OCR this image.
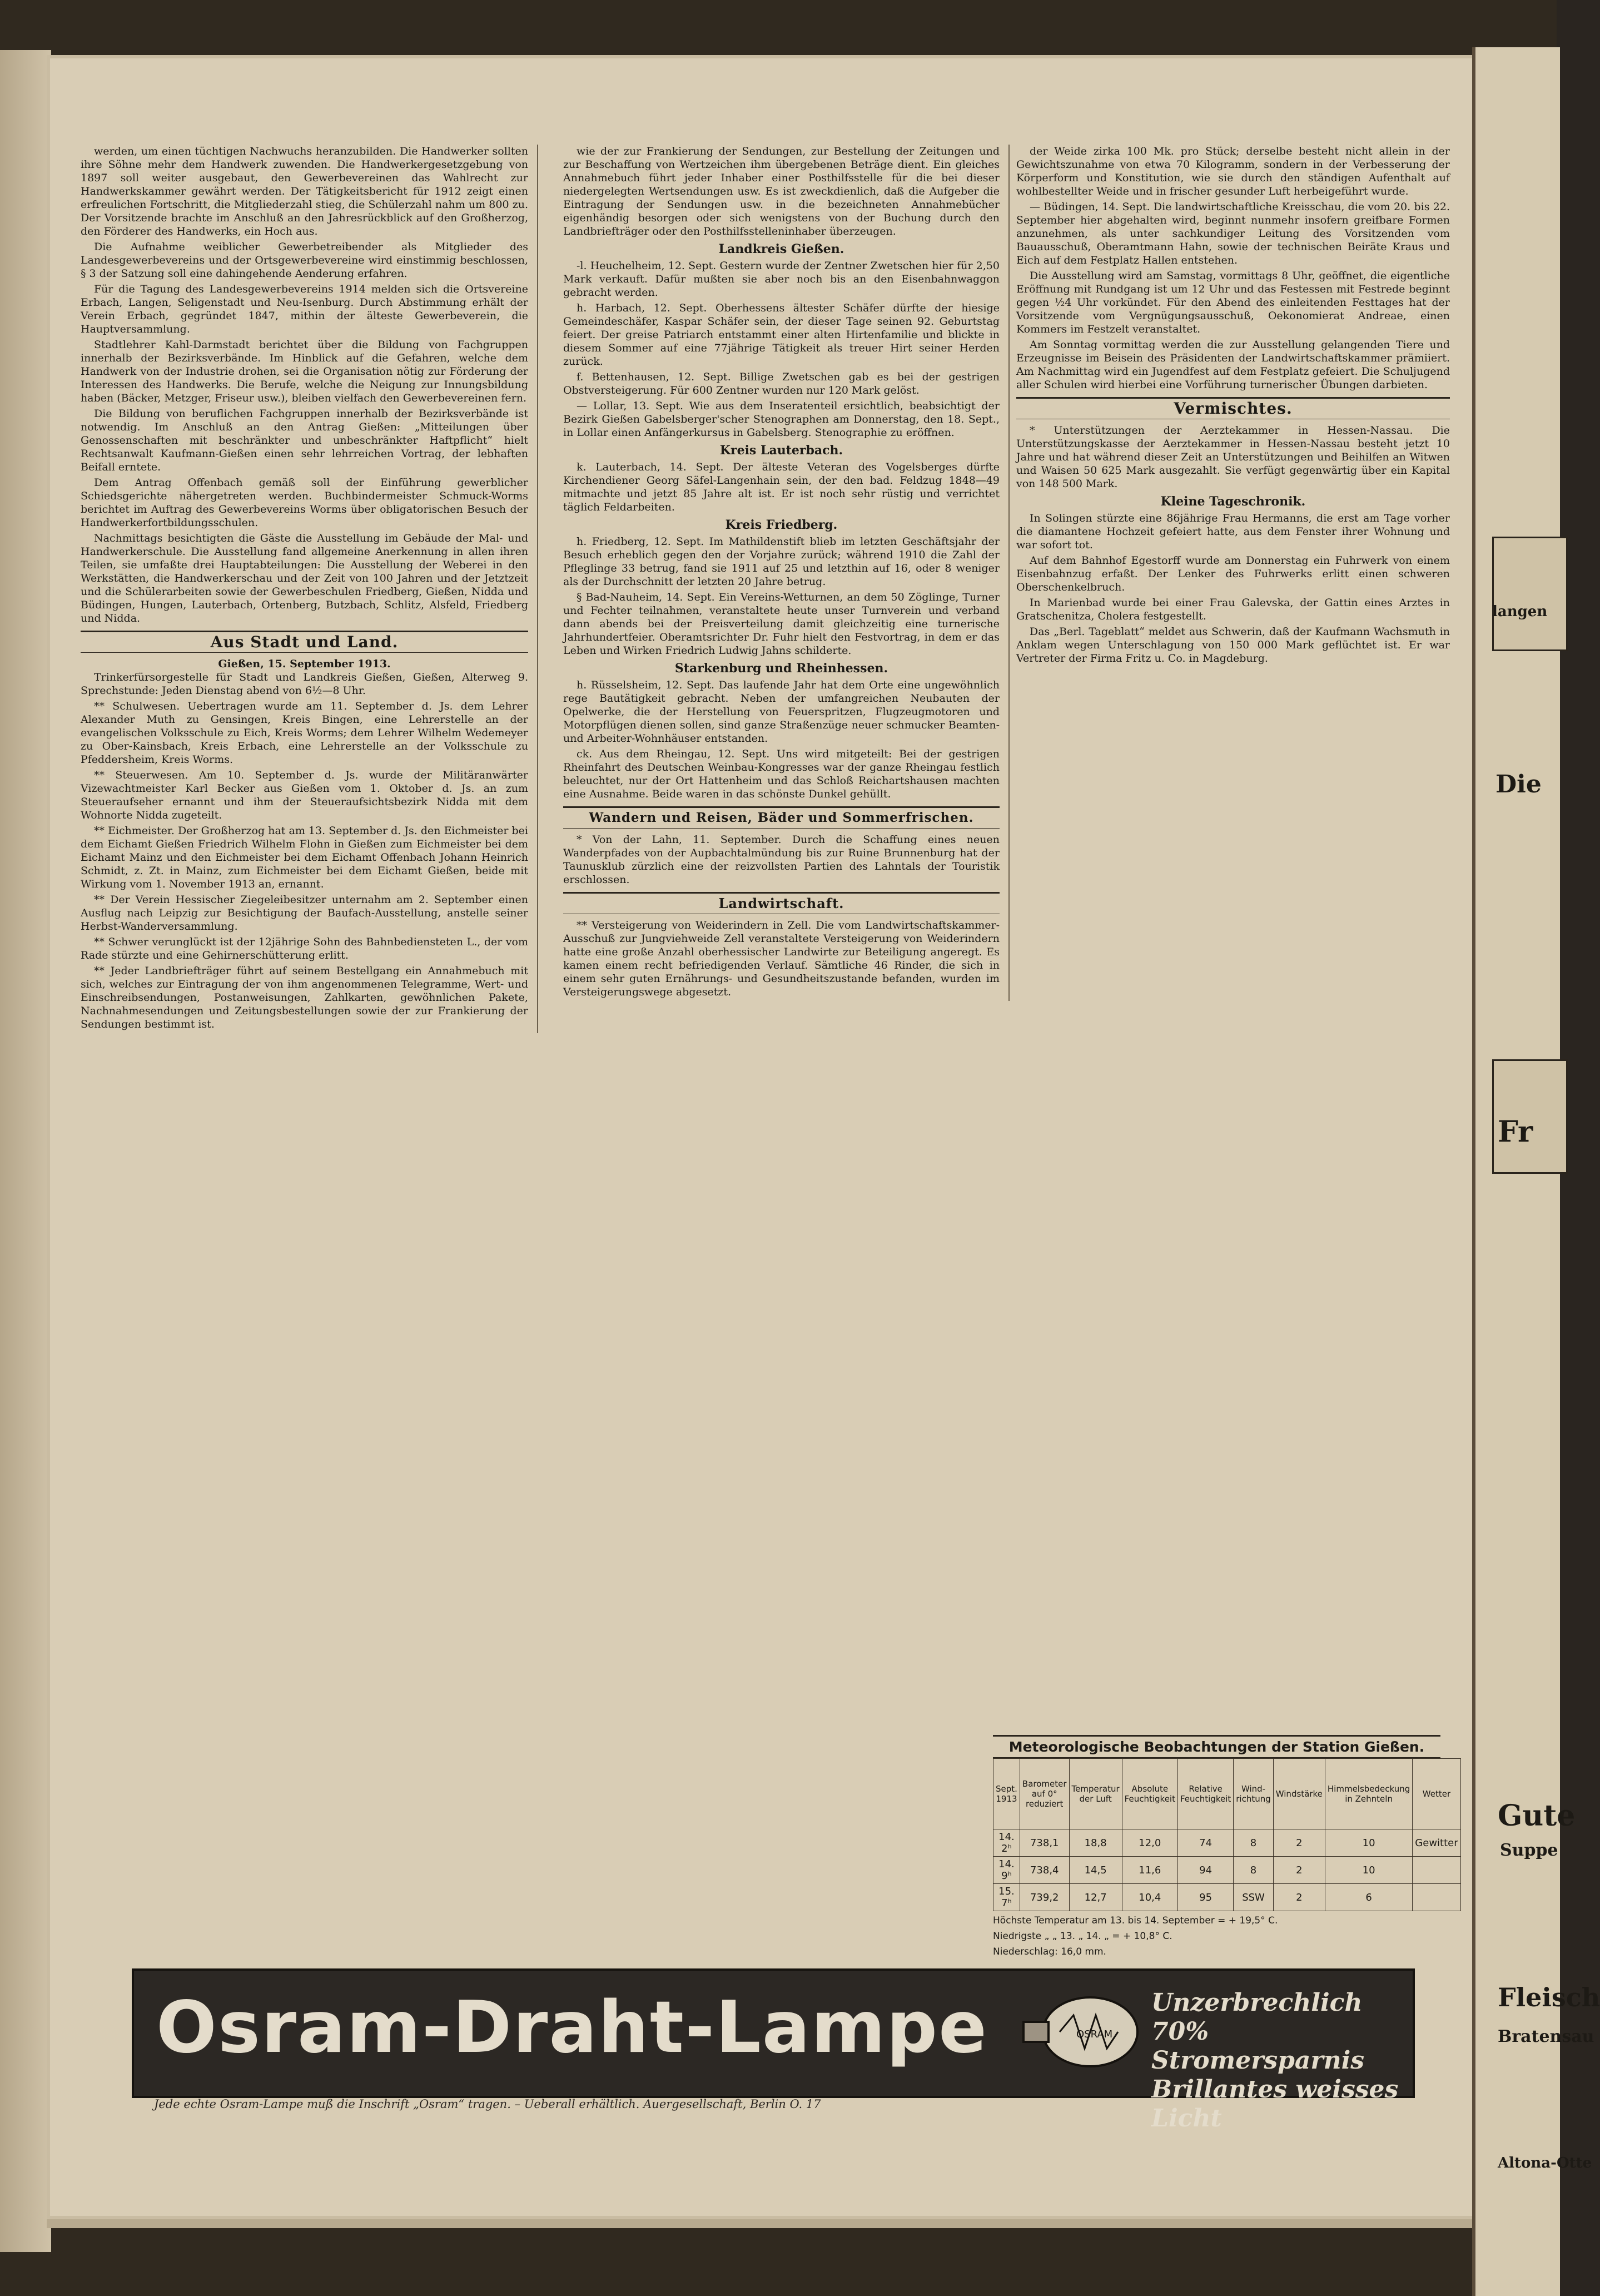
werden, um einen tüchtigen Nachwuchs heranzubilden. Die Handwerker sollten ihre Söhne mehr dem Handwerk zuwenden. Die Handwerkergesetzgebung von 1897 soll weiter ausgebaut, den Gewerbevereinen das Wahlrecht zur Handwerkskammer gewährt werden. Der Tätigkeitsbericht für 1912 zeigt einen erfreulichen Fortschritt, die Mitgliederzahl stieg, die Schülerzahl nahm um 800 zu. Der Vorsitzende brachte im Anschluß an den Jahresrückblick auf den Großherzog, den Förderer des Handwerks, ein Hoch aus.

Die Aufnahme weiblicher Gewerbetreibender als Mitglieder des Landesgewerbevereins und der Ortsgewerbevereine wird einstimmig beschlossen, § 3 der Satzung soll eine dahingehende Aenderung erfahren.

Für die Tagung des Landesgewerbevereins 1914 melden sich die Ortsvereine Erbach, Langen, Seligenstadt und Neu-Isenburg. Durch Abstimmung erhält der Verein Erbach, gegründet 1847, mithin der älteste Gewerbeverein, die Hauptversammlung.

Stadtlehrer Kahl-Darmstadt berichtet über die Bildung von Fachgruppen innerhalb der Bezirksverbände. Im Hinblick auf die Gefahren, welche dem Handwerk von der Industrie drohen, sei die Organisation nötig zur Förderung der Interessen des Handwerks. Die Berufe, welche die Neigung zur Innungsbildung haben (Bäcker, Metzger, Friseur usw.), bleiben vielfach den Gewerbevereinen fern.

Die Bildung von beruflichen Fachgruppen innerhalb der Bezirksverbände ist notwendig. Im Anschluß an den Antrag Gießen: „Mitteilungen über Genossenschaften mit beschränkter und unbeschränkter Haftpflicht“ hielt Rechtsanwalt Kaufmann-Gießen einen sehr lehrreichen Vortrag, der lebhaften Beifall erntete.

Dem Antrag Offenbach gemäß soll der Einführung gewerblicher Schiedsgerichte nähergetreten werden. Buchbindermeister Schmuck-Worms berichtet im Auftrag des Gewerbevereins Worms über obligatorischen Besuch der Handwerkerfortbildungsschulen.

Nachmittags besichtigten die Gäste die Ausstellung im Gebäude der Mal- und Handwerkerschule. Die Ausstellung fand allgemeine Anerkennung in allen ihren Teilen, sie umfaßte drei Hauptabteilungen: Die Ausstellung der Weberei in den Werkstätten, die Handwerkerschau und der Zeit von 100 Jahren und der Jetztzeit und die Schülerarbeiten sowie der Gewerbeschulen Friedberg, Gießen, Nidda und Büdingen, Hungen, Lauterbach, Ortenberg, Butzbach, Schlitz, Alsfeld, Friedberg und Nidda.

Aus Stadt und Land.
Gießen, 15. September 1913.

Trinkerfürsorgestelle für Stadt und Landkreis Gießen, Gießen, Alterweg 9. Sprechstunde: Jeden Dienstag abend von 6½—8 Uhr.

** Schulwesen. Uebertragen wurde am 11. September d. Js. dem Lehrer Alexander Muth zu Gensingen, Kreis Bingen, eine Lehrerstelle an der evangelischen Volksschule zu Eich, Kreis Worms; dem Lehrer Wilhelm Wedemeyer zu Ober-Kainsbach, Kreis Erbach, eine Lehrerstelle an der Volksschule zu Pfeddersheim, Kreis Worms.

** Steuerwesen. Am 10. September d. Js. wurde der Militäranwärter Vizewachtmeister Karl Becker aus Gießen vom 1. Oktober d. Js. an zum Steueraufseher ernannt und ihm der Steueraufsichtsbezirk Nidda mit dem Wohnorte Nidda zugeteilt.

** Eichmeister. Der Großherzog hat am 13. September d. Js. den Eichmeister bei dem Eichamt Gießen Friedrich Wilhelm Flohn in Gießen zum Eichmeister bei dem Eichamt Mainz und den Eichmeister bei dem Eichamt Offenbach Johann Heinrich Schmidt, z. Zt. in Mainz, zum Eichmeister bei dem Eichamt Gießen, beide mit Wirkung vom 1. November 1913 an, ernannt.

** Der Verein Hessischer Ziegeleibesitzer unternahm am 2. September einen Ausflug nach Leipzig zur Besichtigung der Baufach-Ausstellung, anstelle seiner Herbst-Wanderversammlung.

** Schwer verunglückt ist der 12jährige Sohn des Bahnbediensteten L., der vom Rade stürzte und eine Gehirnerschütterung erlitt.

** Jeder Landbriefträger führt auf seinem Bestellgang ein Annahmebuch mit sich, welches zur Eintragung der von ihm angenommenen Telegramme, Wert- und Einschreibsendungen, Postanweisungen, Zahlkarten, gewöhnlichen Pakete, Nachnahmesendungen und Zeitungsbestellungen sowie der zur Frankierung der Sendungen bestimmt ist.

wie der zur Frankierung der Sendungen, zur Bestellung der Zeitungen und zur Beschaffung von Wertzeichen ihm übergebenen Beträge dient. Ein gleiches Annahmebuch führt jeder Inhaber einer Posthilfsstelle für die bei dieser niedergelegten Wertsendungen usw. Es ist zweckdienlich, daß die Aufgeber die Eintragung der Sendungen usw. in die bezeichneten Annahmebücher eigenhändig besorgen oder sich wenigstens von der Buchung durch den Landbriefträger oder den Posthilfsstelleninhaber überzeugen.

Landkreis Gießen.

-l. Heuchelheim, 12. Sept. Gestern wurde der Zentner Zwetschen hier für 2,50 Mark verkauft. Dafür mußten sie aber noch bis an den Eisenbahnwaggon gebracht werden.

h. Harbach, 12. Sept. Oberhessens ältester Schäfer dürfte der hiesige Gemeindeschäfer, Kaspar Schäfer sein, der dieser Tage seinen 92. Geburtstag feiert. Der greise Patriarch entstammt einer alten Hirtenfamilie und blickte in diesem Sommer auf eine 77jährige Tätigkeit als treuer Hirt seiner Herden zurück.

f. Bettenhausen, 12. Sept. Billige Zwetschen gab es bei der gestrigen Obstversteigerung. Für 600 Zentner wurden nur 120 Mark gelöst.

— Lollar, 13. Sept. Wie aus dem Inseratenteil ersichtlich, beabsichtigt der Bezirk Gießen Gabelsberger'scher Stenographen am Donnerstag, den 18. Sept., in Lollar einen Anfängerkursus in Gabelsberg. Stenographie zu eröffnen.

Kreis Lauterbach.

k. Lauterbach, 14. Sept. Der älteste Veteran des Vogelsberges dürfte Kirchendiener Georg Säfel-Langenhain sein, der den bad. Feldzug 1848—49 mitmachte und jetzt 85 Jahre alt ist. Er ist noch sehr rüstig und verrichtet täglich Feldarbeiten.

Kreis Friedberg.

h. Friedberg, 12. Sept. Im Mathildenstift blieb im letzten Geschäftsjahr der Besuch erheblich gegen den der Vorjahre zurück; während 1910 die Zahl der Pfleglinge 33 betrug, fand sie 1911 auf 25 und letzthin auf 16, oder 8 weniger als der Durchschnitt der letzten 20 Jahre betrug.

§ Bad-Nauheim, 14. Sept. Ein Vereins-Wetturnen, an dem 50 Zöglinge, Turner und Fechter teilnahmen, veranstaltete heute unser Turnverein und verband dann abends bei der Preisverteilung damit gleichzeitig eine turnerische Jahrhundertfeier. Oberamtsrichter Dr. Fuhr hielt den Festvortrag, in dem er das Leben und Wirken Friedrich Ludwig Jahns schilderte.

Starkenburg und Rheinhessen.

h. Rüsselsheim, 12. Sept. Das laufende Jahr hat dem Orte eine ungewöhnlich rege Bautätigkeit gebracht. Neben der umfangreichen Neubauten der Opelwerke, die der Herstellung von Feuerspritzen, Flugzeugmotoren und Motorpflügen dienen sollen, sind ganze Straßenzüge neuer schmucker Beamten- und Arbeiter-Wohnhäuser entstanden.

ck. Aus dem Rheingau, 12. Sept. Uns wird mitgeteilt: Bei der gestrigen Rheinfahrt des Deutschen Weinbau-Kongresses war der ganze Rheingau festlich beleuchtet, nur der Ort Hattenheim und das Schloß Reichartshausen machten eine Ausnahme. Beide waren in das schönste Dunkel gehüllt.

Wandern und Reisen, Bäder und Sommerfrischen.

* Von der Lahn, 11. September. Durch die Schaffung eines neuen Wanderpfades von der Aupbachtalmündung bis zur Ruine Brunnenburg hat der Taunusklub zürzlich eine der reizvollsten Partien des Lahntals der Touristik erschlossen.

Landwirtschaft.

** Versteigerung von Weiderindern in Zell. Die vom Landwirtschaftskammer-Ausschuß zur Jungviehweide Zell veranstaltete Versteigerung von Weiderindern hatte eine große Anzahl oberhessischer Landwirte zur Beteiligung angeregt. Es kamen einem recht befriedigenden Verlauf. Sämtliche 46 Rinder, die sich in einem sehr guten Ernährungs- und Gesundheitszustande befanden, wurden im Versteigerungswege abgesetzt.

der Weide zirka 100 Mk. pro Stück; derselbe besteht nicht allein in der Gewichtszunahme von etwa 70 Kilogramm, sondern in der Verbesserung der Körperform und Konstitution, wie sie durch den ständigen Aufenthalt auf wohlbestellter Weide und in frischer gesunder Luft herbeigeführt wurde.

— Büdingen, 14. Sept. Die landwirtschaftliche Kreisschau, die vom 20. bis 22. September hier abgehalten wird, beginnt nunmehr insofern greifbare Formen anzunehmen, als unter sachkundiger Leitung des Vorsitzenden vom Bauausschuß, Oberamtmann Hahn, sowie der technischen Beiräte Kraus und Eich auf dem Festplatz Hallen entstehen.

Die Ausstellung wird am Samstag, vormittags 8 Uhr, geöffnet, die eigentliche Eröffnung mit Rundgang ist um 12 Uhr und das Festessen mit Festrede beginnt gegen ½4 Uhr vorkündet. Für den Abend des einleitenden Festtages hat der Vorsitzende vom Vergnügungsausschuß, Oekonomierat Andreae, einen Kommers im Festzelt veranstaltet.

Am Sonntag vormittag werden die zur Ausstellung gelangenden Tiere und Erzeugnisse im Beisein des Präsidenten der Landwirtschaftskammer prämiiert. Am Nachmittag wird ein Jugendfest auf dem Festplatz gefeiert. Die Schuljugend aller Schulen wird hierbei eine Vorführung turnerischer Übungen darbieten.

Vermischtes.

* Unterstützungen der Aerztekammer in Hessen-Nassau. Die Unterstützungskasse der Aerztekammer in Hessen-Nassau besteht jetzt 10 Jahre und hat während dieser Zeit an Unterstützungen und Beihilfen an Witwen und Waisen 50 625 Mark ausgezahlt. Sie verfügt gegenwärtig über ein Kapital von 148 500 Mark.

Kleine Tageschronik.

In Solingen stürzte eine 86jährige Frau Hermanns, die erst am Tage vorher die diamantene Hochzeit gefeiert hatte, aus dem Fenster ihrer Wohnung und war sofort tot.

Auf dem Bahnhof Egestorff wurde am Donnerstag ein Fuhrwerk von einem Eisenbahnzug erfaßt. Der Lenker des Fuhrwerks erlitt einen schweren Oberschenkelbruch.

In Marienbad wurde bei einer Frau Galevska, der Gattin eines Arztes in Gratschenitza, Cholera festgestellt.

Das „Berl. Tageblatt“ meldet aus Schwerin, daß der Kaufmann Wachsmuth in Anklam wegen Unterschlagung von 150 000 Mark geflüchtet ist. Er war Vertreter der Firma Fritz u. Co. in Magdeburg.

Meteorologische Beobachtungen der Station Gießen.
Sept.
1913	Barometer auf 0° reduziert	Temperatur der Luft	Absolute Feuchtigkeit	Relative Feuchtigkeit	Wind-richtung	Windstärke	Himmelsbedeckung in Zehnteln	Wetter
14. 2ʰ	738,1	18,8	12,0	74	8	2	10	Gewitter
14. 9ʰ	738,4	14,5	11,6	94	8	2	10	
15. 7ʰ	739,2	12,7	10,4	95	SSW	2	6	
Höchste Temperatur am 13. bis 14. September = + 19,5° C.
Niedrigste „ „ 13. „ 14. „ = + 10,8° C.
Niederschlag: 16,0 mm.
Osram-Draht-Lampe	OSRAM
Unzerbrechlich
70% Stromersparnis
Brillantes weisses Licht
Jede echte Osram-Lampe muß die Inschrift „Osram“ tragen. – Ueberall erhältlich. Auergesellschaft, Berlin O. 17
langen
Die
Fr
Gute
Suppe
Fleisch
Bratensau
Altona-Otte
